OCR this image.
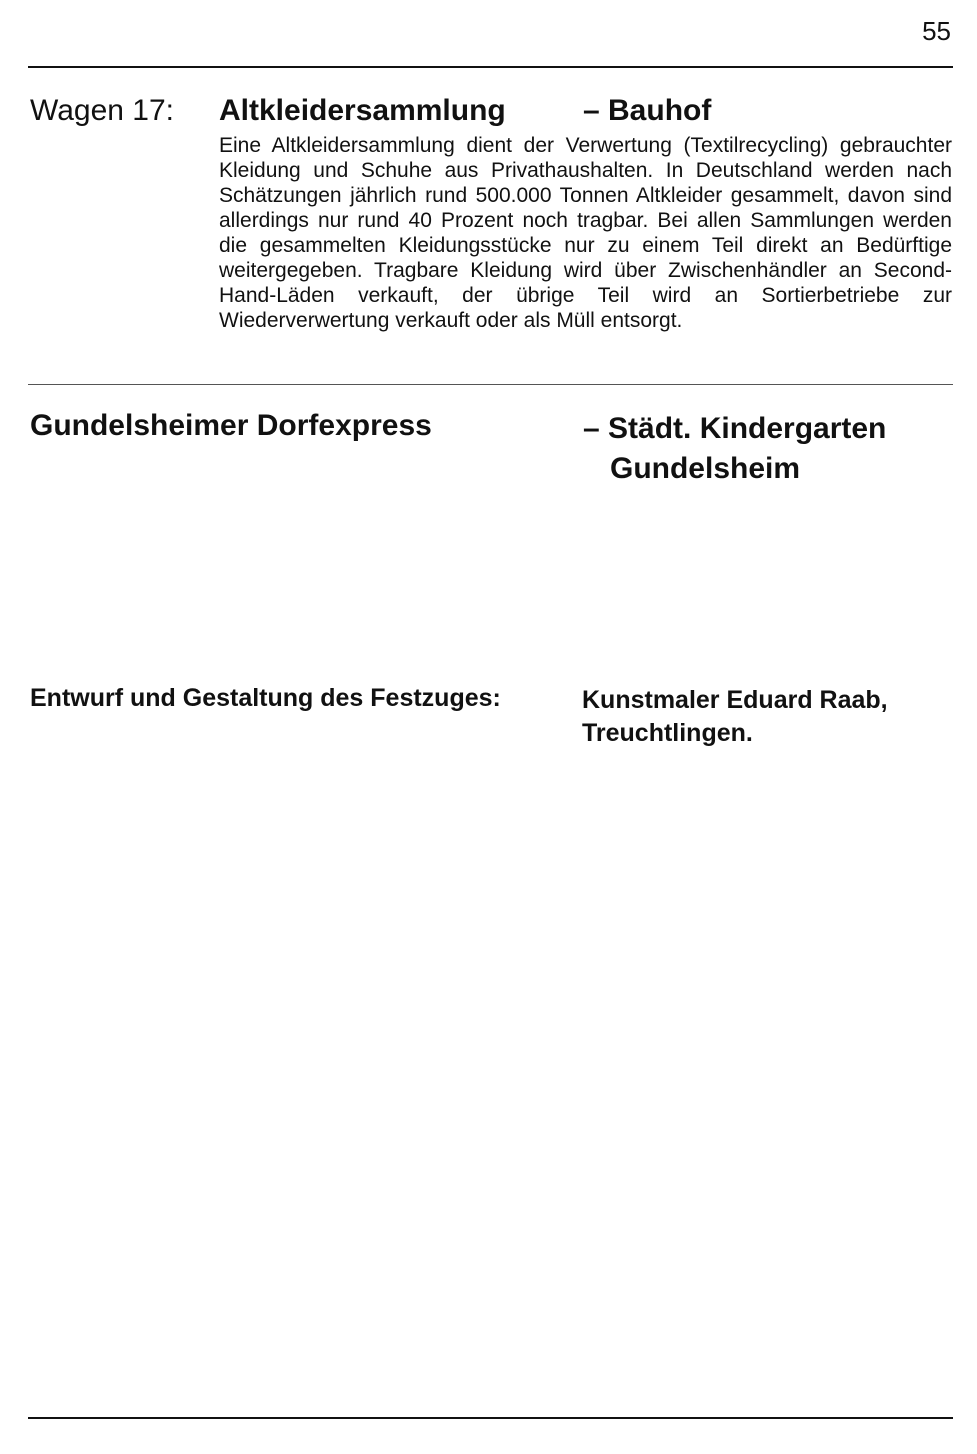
55
Wagen 17: Altkleidersammlung	– Bauhof

Eine Altkleidersammlung dient der Verwertung (Textilrecycling) gebrauchter Kleidung und Schuhe aus Privathaushalten. In Deutschland werden nach Schätzungen jährlich rund 500.000 Tonnen Altkleider gesammelt, davon sind allerdings nur rund 40 Prozent noch tragbar. Bei allen Sammlungen werden die gesammelten Kleidungsstücke nur zu einem Teil direkt an Bedürftige weitergegeben. Tragbare Kleidung wird über Zwischenhändler an Second-Hand-Läden verkauft, der übrige Teil wird an Sortierbetriebe zur Wiederverwertung verkauft oder als Müll entsorgt.

Gundelsheimer Dorfexpress	– Städt. Kindergarten
Gundelsheim
Entwurf und Gestaltung des Festzuges:	Kunstmaler Eduard Raab,
Treuchtlingen.
